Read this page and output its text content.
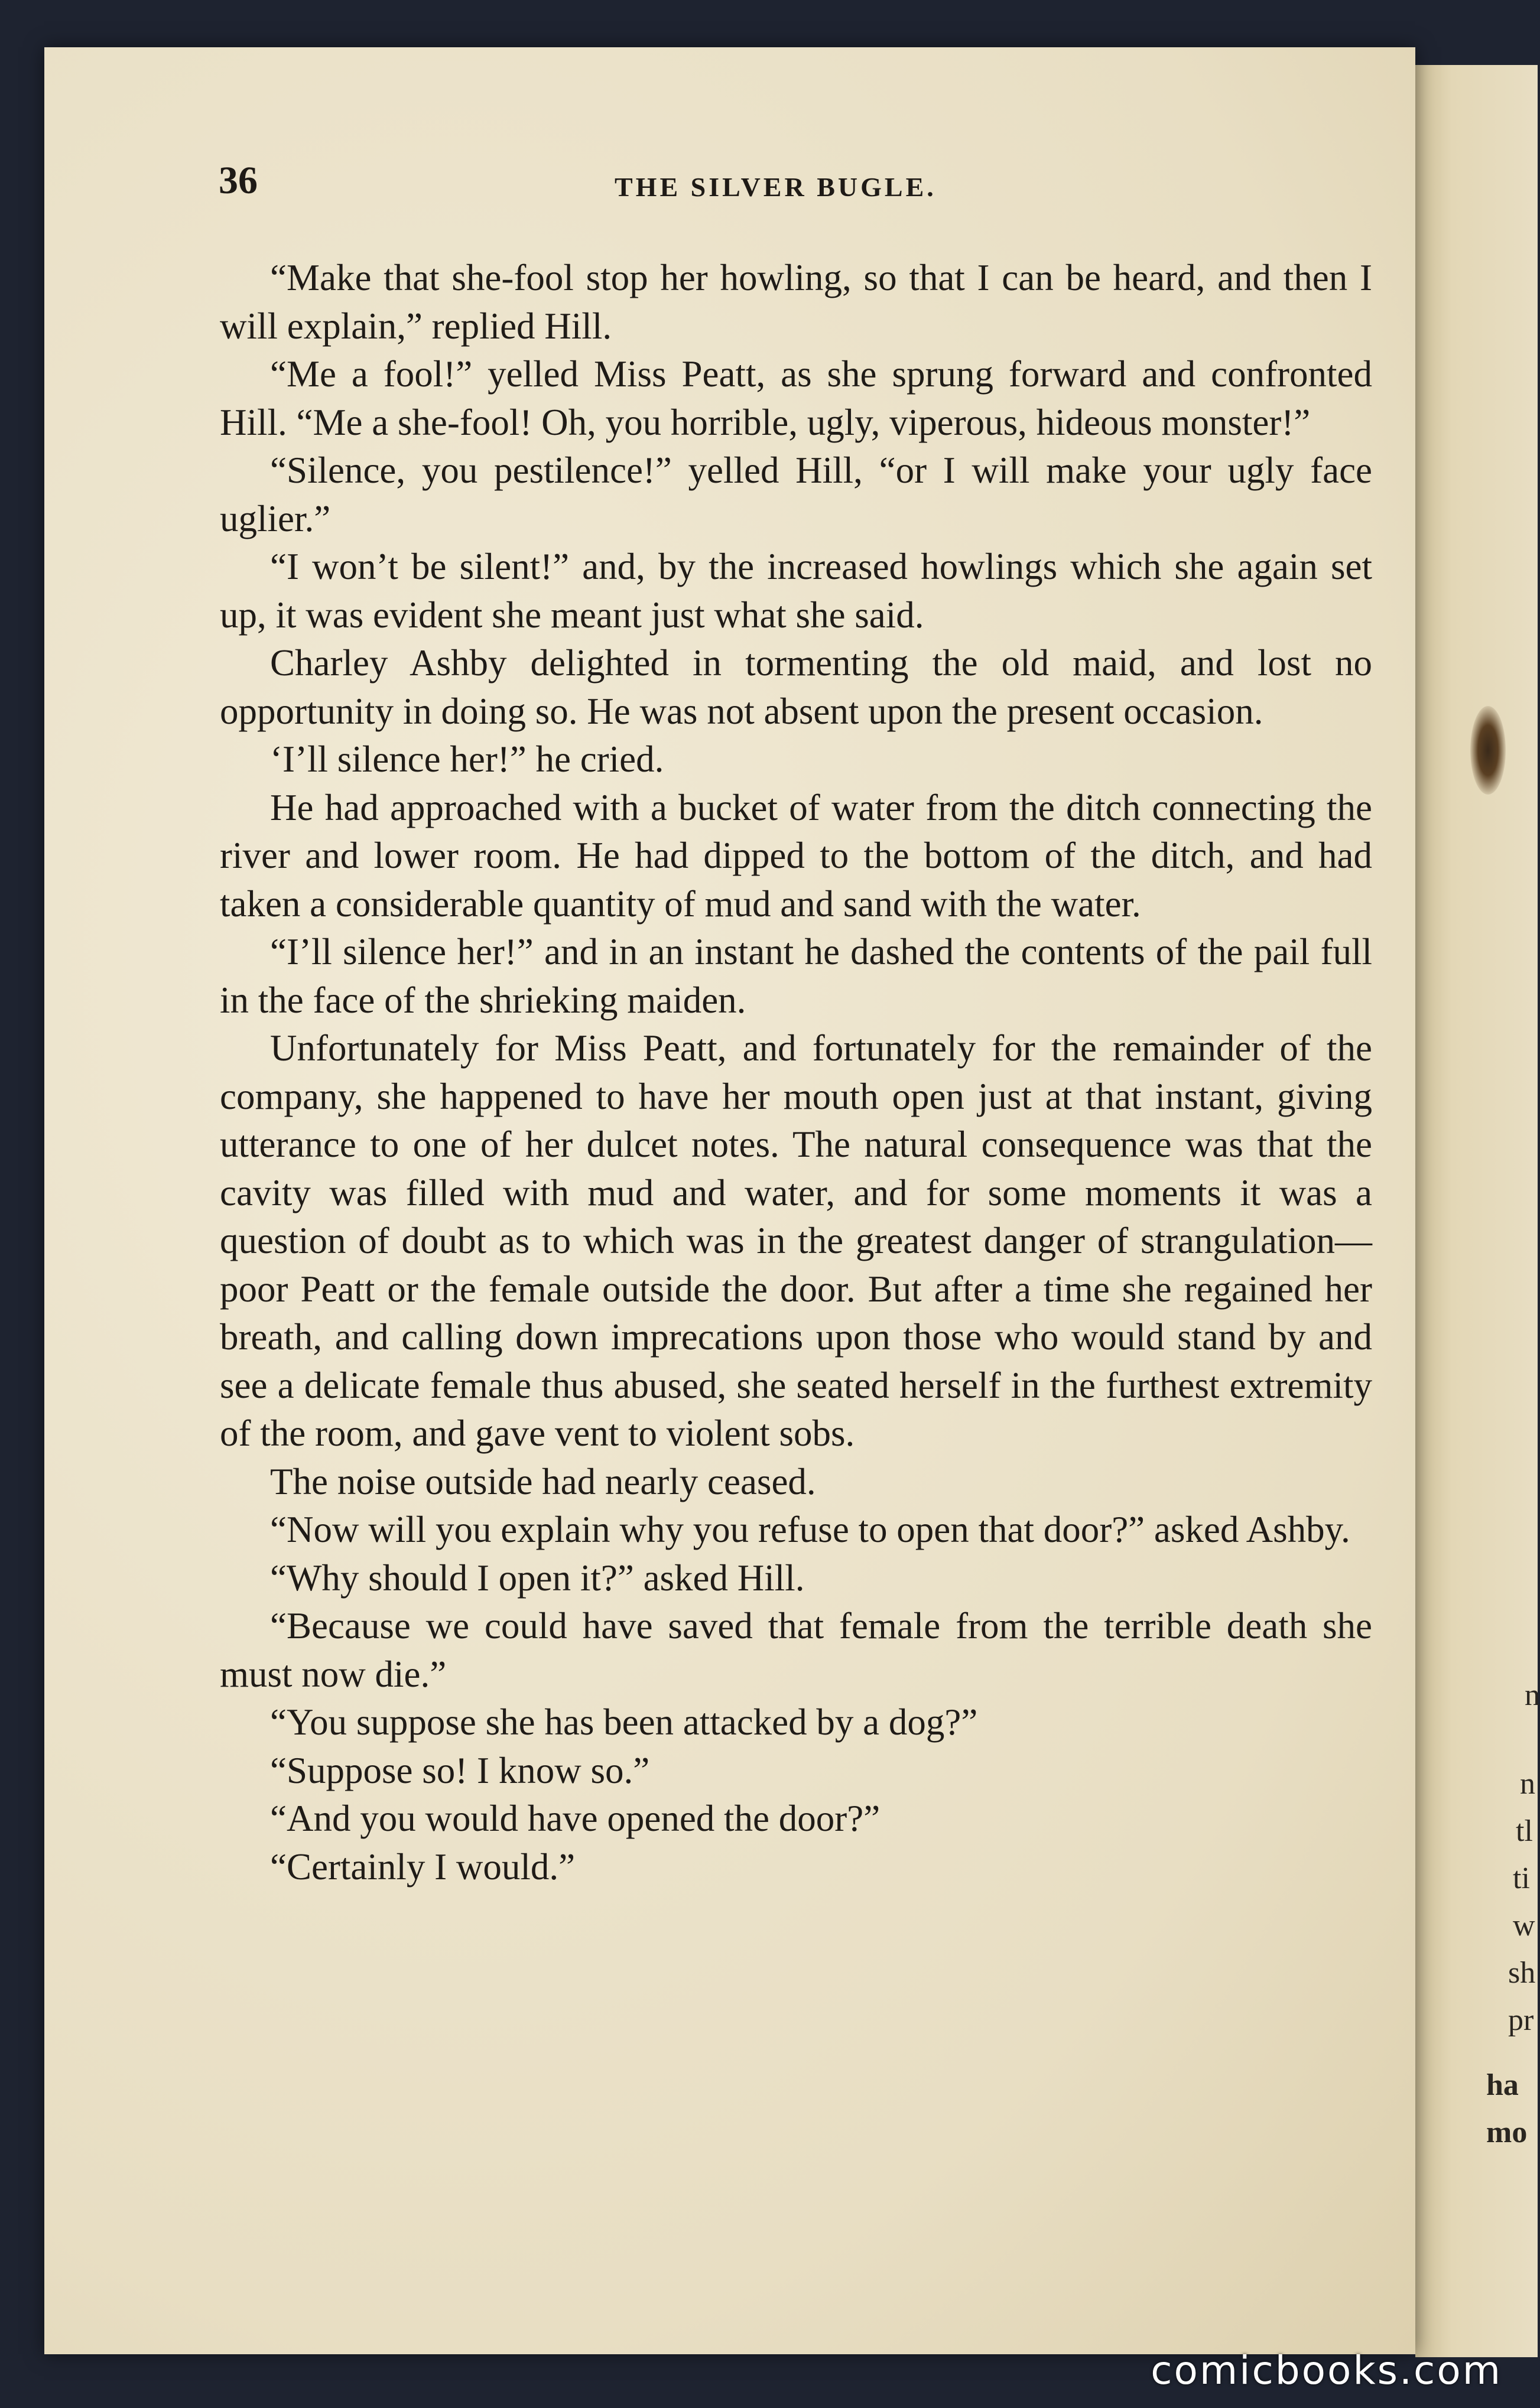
36	THE SILVER BUGLE.

“Make that she-fool stop her howling, so that I can be heard, and then I will explain,” replied Hill.

“Me a fool!” yelled Miss Peatt, as she sprung forward and confronted Hill. “Me a she-fool! Oh, you horrible, ugly, viperous, hideous monster!”

“Silence, you pestilence!” yelled Hill, “or I will make your ugly face uglier.”

“I won’t be silent!” and, by the increased howlings which she again set up, it was evident she meant just what she said.

Charley Ashby delighted in tormenting the old maid, and lost no opportunity in doing so. He was not absent upon the present occasion.

‘I’ll silence her!” he cried.

He had approached with a bucket of water from the ditch connecting the river and lower room. He had dipped to the bottom of the ditch, and had taken a considerable quantity of mud and sand with the water.

“I’ll silence her!” and in an instant he dashed the contents of the pail full in the face of the shrieking maiden.

Unfortunately for Miss Peatt, and fortunately for the remainder of the company, she happened to have her mouth open just at that instant, giving utterance to one of her dulcet notes. The natural consequence was that the cavity was filled with mud and water, and for some moments it was a question of doubt as to which was in the greatest danger of strangulation—poor Peatt or the female outside the door. But after a time she regained her breath, and calling down imprecations upon those who would stand by and see a delicate female thus abused, she seated herself in the furthest extremity of the room, and gave vent to violent sobs.

The noise outside had nearly ceased.

“Now will you explain why you refuse to open that door?” asked Ashby.

“Why should I open it?” asked Hill.

“Because we could have saved that female from the terrible death she must now die.”

“You suppose she has been attacked by a dog?”

“Suppose so! I know so.”

“And you would have opened the door?”

“Certainly I would.”

n
n
tl
ti
w
sh
pr
ha
mo
comicbooks.com
